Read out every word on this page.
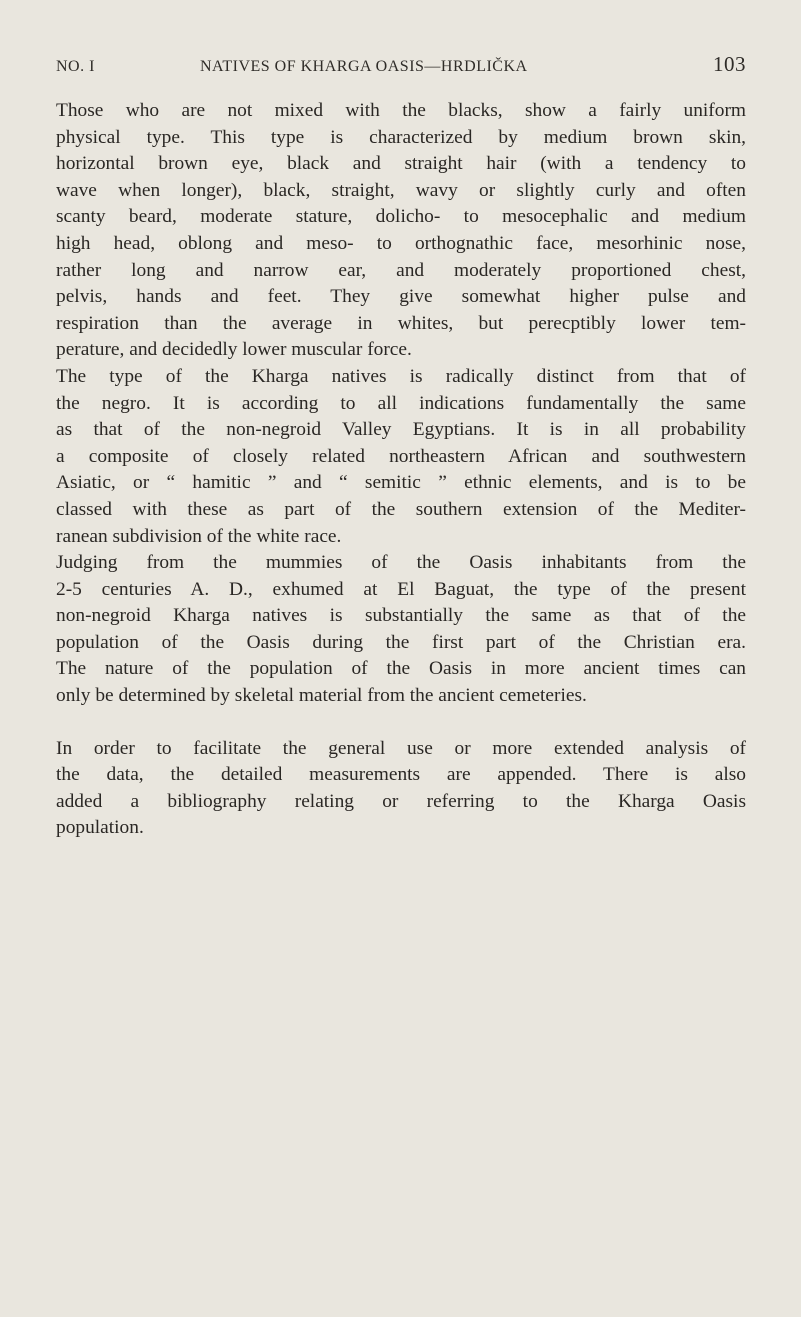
NO. I	NATIVES OF KHARGA OASIS—HRDLIČKA	103

Those who are not mixed with the blacks, show a fairly uniform
physical type. This type is characterized by medium brown skin,
horizontal brown eye, black and straight hair (with a tendency to
wave when longer), black, straight, wavy or slightly curly and often
scanty beard, moderate stature, dolicho- to mesocephalic and medium
high head, oblong and meso- to orthognathic face, mesorhinic nose,
rather long and narrow ear, and moderately proportioned chest,
pelvis, hands and feet. They give somewhat higher pulse and
respiration than the average in whites, but perecptibly lower tem-
perature, and decidedly lower muscular force.

The type of the Kharga natives is radically distinct from that of
the negro. It is according to all indications fundamentally the same
as that of the non-negroid Valley Egyptians. It is in all probability
a composite of closely related northeastern African and southwestern
Asiatic, or “ hamitic ” and “ semitic ” ethnic elements, and is to be
classed with these as part of the southern extension of the Mediter-
ranean subdivision of the white race.

Judging from the mummies of the Oasis inhabitants from the
2-5 centuries A. D., exhumed at El Baguat, the type of the present
non-negroid Kharga natives is substantially the same as that of the
population of the Oasis during the first part of the Christian era.
The nature of the population of the Oasis in more ancient times can
only be determined by skeletal material from the ancient cemeteries.

In order to facilitate the general use or more extended analysis of
the data, the detailed measurements are appended. There is also
added a bibliography relating or referring to the Kharga Oasis
population.
